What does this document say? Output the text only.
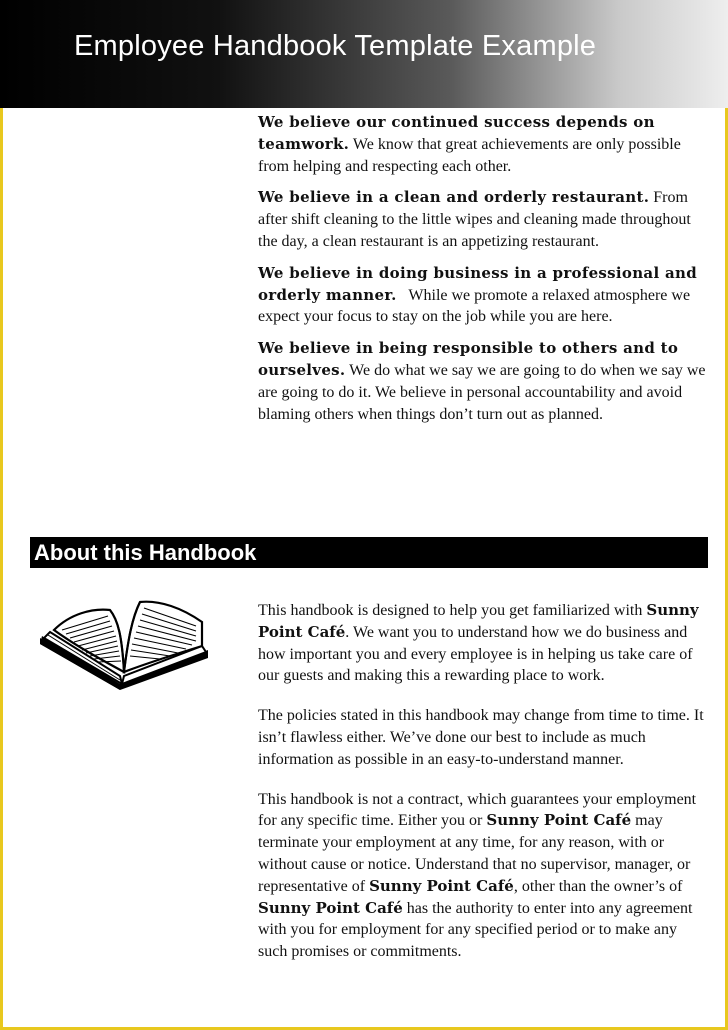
Employee Handbook Template Example

We believe our continued success depends on teamwork. We know that great achievements are only possible from helping and respecting each other.

We believe in a clean and orderly restaurant. From after shift cleaning to the little wipes and cleaning made throughout the day, a clean restaurant is an appetizing restaurant.

We believe in doing business in a professional and orderly manner.   While we promote a relaxed atmosphere we expect your focus to stay on the job while you are here.

We believe in being responsible to others and to ourselves. We do what we say we are going to do when we say we are going to do it. We believe in personal accountability and avoid blaming others when things don’t turn out as planned.

About this Handbook

This handbook is designed to help you get familiarized with Sunny Point Café. We want you to understand how we do business and how important you and every employee is in helping us take care of our guests and making this a rewarding place to work.

The policies stated in this handbook may change from time to time. It isn’t flawless either. We’ve done our best to include as much information as possible in an easy-to-understand manner.

This handbook is not a contract, which guarantees your employment for any specific time. Either you or Sunny Point Café may terminate your employment at any time, for any reason, with or without cause or notice. Understand that no supervisor, manager, or representative of Sunny Point Café, other than the owner’s of Sunny Point Café has the authority to enter into any agreement with you for employment for any specified period or to make any such promises or commitments.
